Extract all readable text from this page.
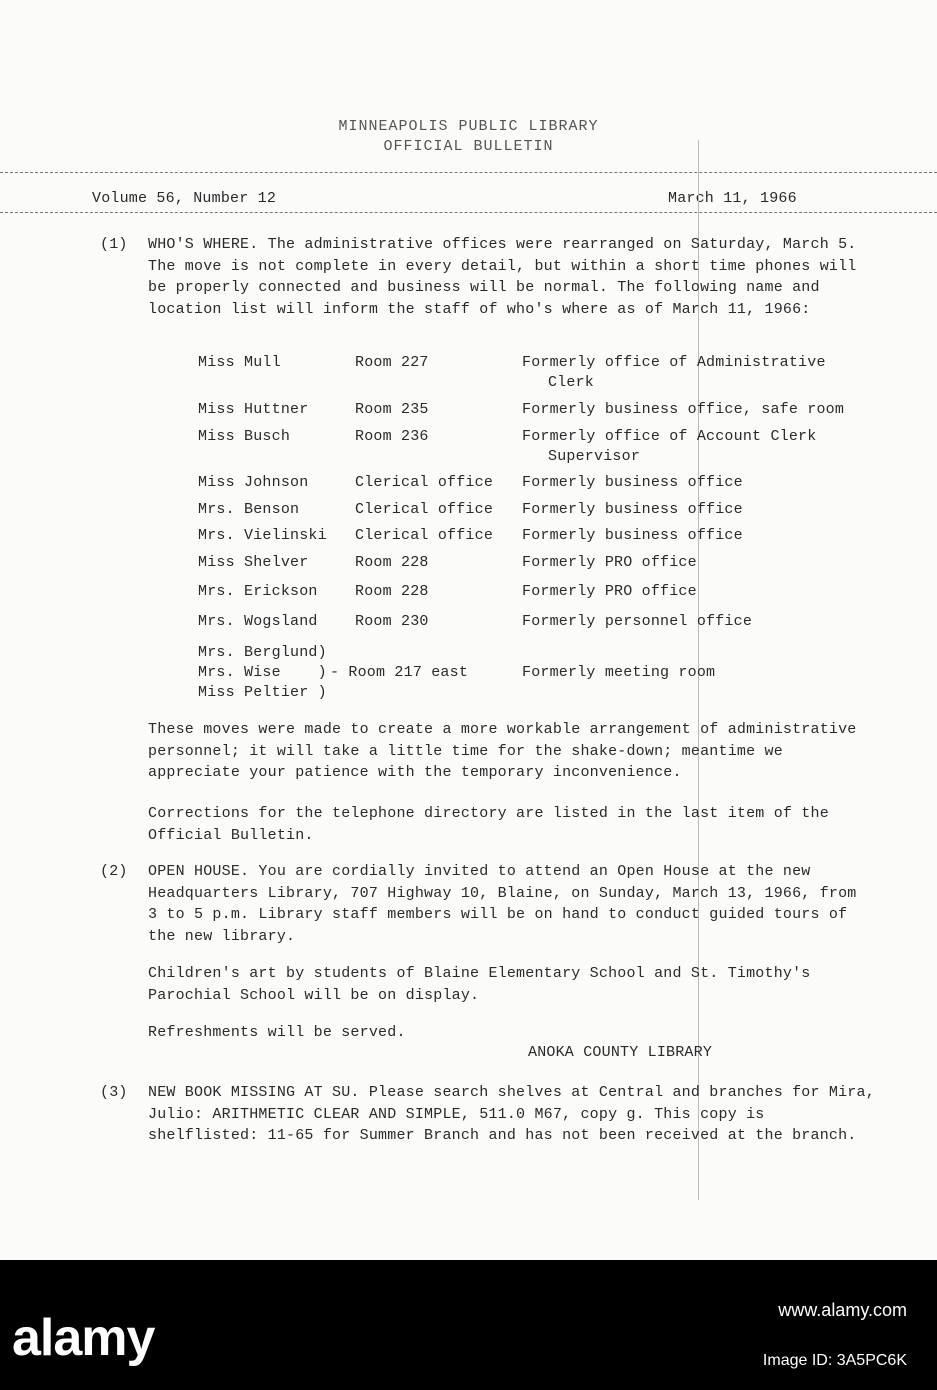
MINNEAPOLIS PUBLIC LIBRARY
OFFICIAL BULLETIN
Volume 56, Number 12	March 11, 1966
(1) WHO'S WHERE. The administrative offices were rearranged on Saturday, March 5. The move is not complete in every detail, but within a short time phones will be properly connected and business will be normal. The following name and location list will inform the staff of who's where as of March 11, 1966:
Miss Mull	Room 227	Formerly office of Administrative
Clerk
Miss Huttner	Room 235	Formerly business office, safe room
Miss Busch	Room 236	Formerly office of Account Clerk
Supervisor
Miss Johnson	Clerical office Formerly business office
Mrs. Benson	Clerical office Formerly business office
Mrs. Vielinski Clerical office Formerly business office
Miss Shelver	Room 228	Formerly PRO office
Mrs. Erickson Room 228	Formerly PRO office
Mrs. Wogsland Room 230	Formerly personnel office
Mrs. Berglund)
Mrs. Wise    )
Miss Peltier )
- Room 217 east	Formerly meeting room
These moves were made to create a more workable arrangement of administrative personnel; it will take a little time for the shake-down; meantime we appreciate your patience with the temporary inconvenience.
Corrections for the telephone directory are listed in the last item of the Official Bulletin.
(2) OPEN HOUSE. You are cordially invited to attend an Open House at the new Headquarters Library, 707 Highway 10, Blaine, on Sunday, March 13, 1966, from 3 to 5 p.m. Library staff members will be on hand to conduct guided tours of the new library.
Children's art by students of Blaine Elementary School and St. Timothy's Parochial School will be on display.
Refreshments will be served.
ANOKA COUNTY LIBRARY
(3) NEW BOOK MISSING AT SU. Please search shelves at Central and branches for Mira, Julio: ARITHMETIC CLEAR AND SIMPLE, 511.0 M67, copy g. This copy is shelflisted: 11-65 for Summer Branch and has not been received at the branch.
alamy	www.alamy.com
Image ID: 3A5PC6K
